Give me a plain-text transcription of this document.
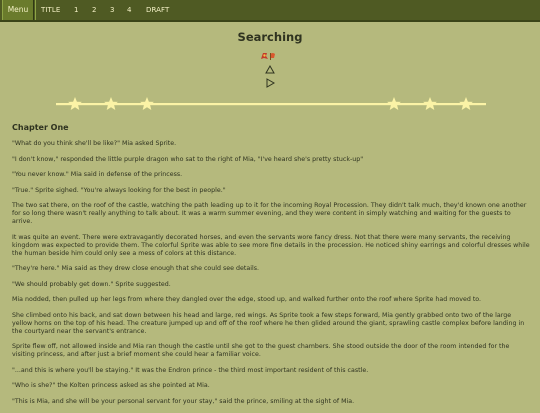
Menu	TITLE 1 2 3 4 DRAFT
Searching
Chapter One

"What do you think she'll be like?" Mia asked Sprite.

"I don't know," responded the little purple dragon who sat to the right of Mia, "I've heard she's pretty stuck-up"

"You never know." Mia said in defense of the princess.

"True." Sprite sighed. "You're always looking for the best in people."

The two sat there, on the roof of the castle, watching the path leading up to it for the incoming Royal Procession. They didn't talk much, they'd known one another for so long there wasn't really anything to talk about. It was a warm summer evening, and they were content in simply watching and waiting for the guests to arrive.

It was quite an event. There were extravagantly decorated horses, and even the servants wore fancy dress. Not that there were many servants, the receiving kingdom was expected to provide them. The colorful Sprite was able to see more fine details in the procession. He noticed shiny earrings and colorful dresses while the human beside him could only see a mess of colors at this distance.

"They're here." Mia said as they drew close enough that she could see details.

"We should probably get down." Sprite suggested.

Mia nodded, then pulled up her legs from where they dangled over the edge, stood up, and walked further onto the roof where Sprite had moved to.

She climbed onto his back, and sat down between his head and large, red wings. As Sprite took a few steps forward, Mia gently grabbed onto two of the large yellow horns on the top of his head. The creature jumped up and off of the roof where he then glided around the giant, sprawling castle complex before landing in the courtyard near the servant's entrance.

Sprite flew off, not allowed inside and Mia ran though the castle until she got to the guest chambers. She stood outside the door of the room intended for the visiting princess, and after just a brief moment she could hear a familiar voice.

"...and this is where you'll be staying." It was the Endron prince - the third most important resident of this castle.

"Who is she?" the Kolten princess asked as she pointed at Mia.

"This is Mia, and she will be your personal servant for your stay," said the prince, smiling at the sight of Mia.
